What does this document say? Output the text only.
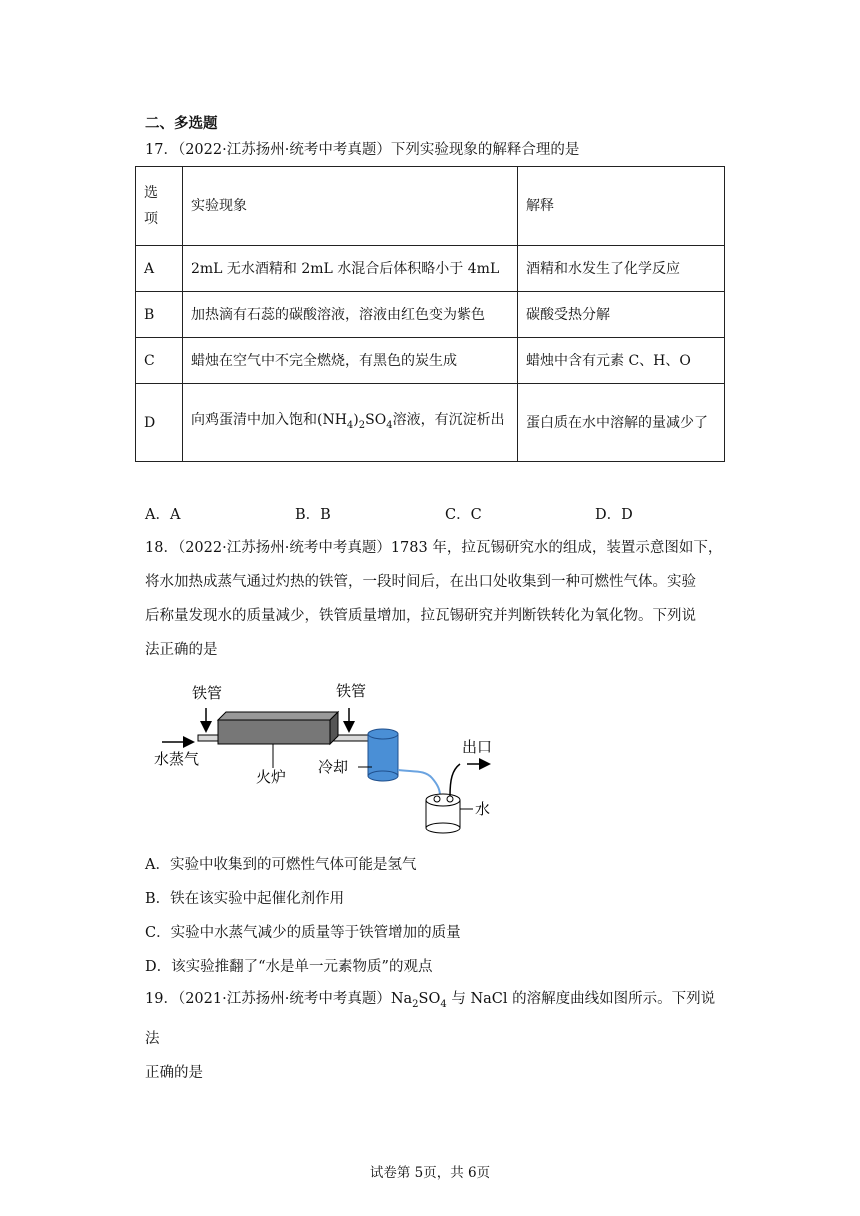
二、多选题
17．（2022·江苏扬州·统考中考真题）下列实验现象的解释合理的是
选项	实验现象	解释
A	2mL 无水酒精和 2mL 水混合后体积略小于 4mL	酒精和水发生了化学反应
B	加热滴有石蕊的碳酸溶液，溶液由红色变为紫色	碳酸受热分解
C	蜡烛在空气中不完全燃烧，有黑色的炭生成	蜡烛中含有元素 C、H、O
D	向鸡蛋清中加入饱和$(NH_4)_2SO_4$溶液，有沉淀析出	蛋白质在水中溶解的量减少了
A．A	B．B	C．C	D．D
18．（2022·江苏扬州·统考中考真题）1783 年，拉瓦锡研究水的组成，装置示意图如下，
将水加热成蒸气通过灼热的铁管，一段时间后，在出口处收集到一种可燃性气体。实验
后称量发现水的质量减少，铁管质量增加，拉瓦锡研究并判断铁转化为氧化物。下列说
法正确的是
铁管	铁管
水蒸气
火炉
冷却
出口
水
A．实验中收集到的可燃性气体可能是氢气
B．铁在该实验中起催化剂作用
C．实验中水蒸气减少的质量等于铁管增加的质量
D．该实验推翻了“水是单一元素物质”的观点
19．（2021·江苏扬州·统考中考真题）$Na_2SO_4$ 与 NaCl 的溶解度曲线如图所示。下列说法
正确的是
试卷第 5页，共 6页
